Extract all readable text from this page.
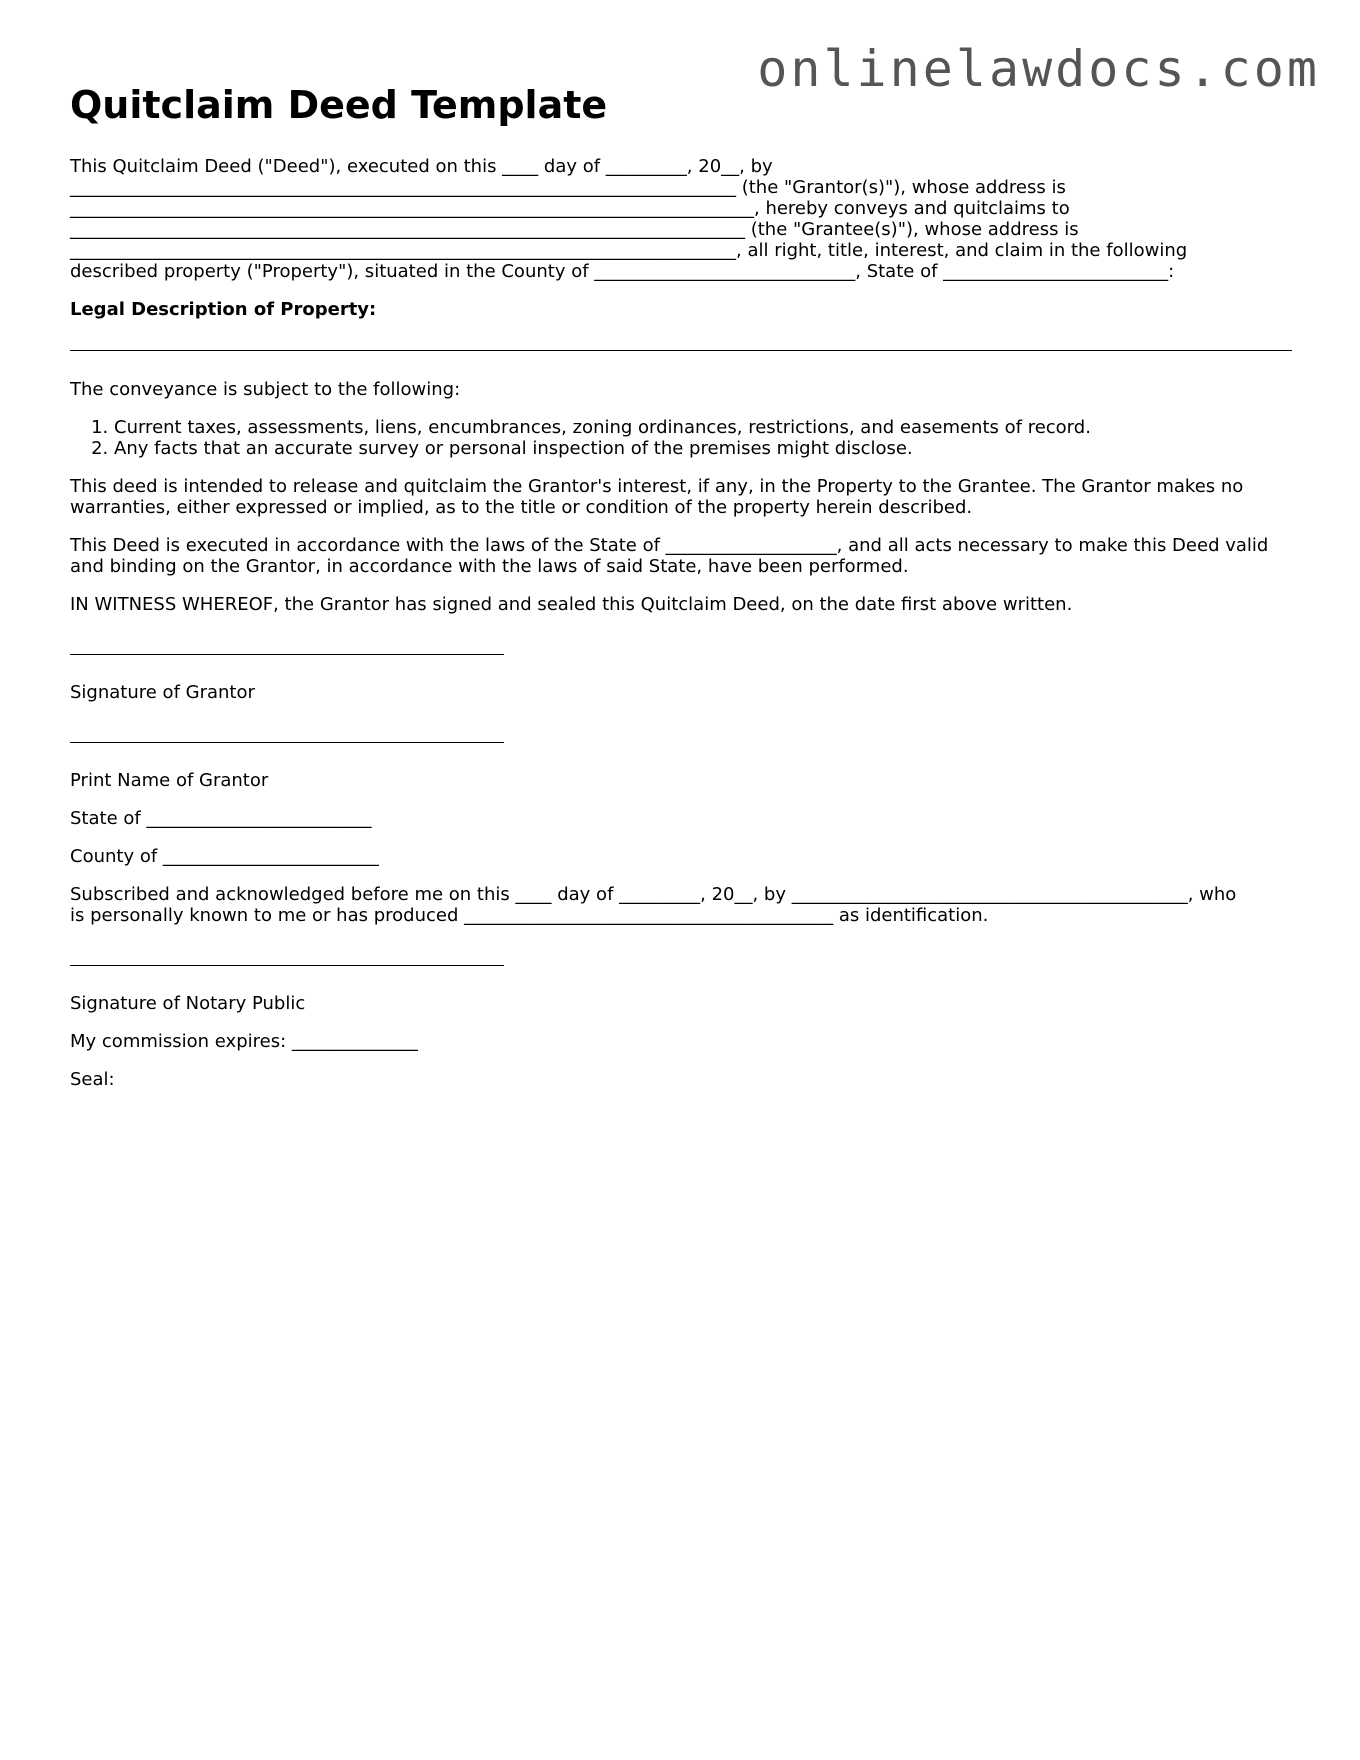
onlinelawdocs.com
Quitclaim Deed Template

This Quitclaim Deed ("Deed"), executed on this ____ day of _________, 20__, by
__________________________________________________________________________ (the "Grantor(s)"), whose address is
____________________________________________________________________________, hereby conveys and quitclaims to
___________________________________________________________________________ (the "Grantee(s)"), whose address is
__________________________________________________________________________, all right, title, interest, and claim in the following
described property ("Property"), situated in the County of _____________________________, State of _________________________:

Legal Description of Property:

The conveyance is subject to the following:

1. Current taxes, assessments, liens, encumbrances, zoning ordinances, restrictions, and easements of record.
2. Any facts that an accurate survey or personal inspection of the premises might disclose.

This deed is intended to release and quitclaim the Grantor's interest, if any, in the Property to the Grantee. The Grantor makes no
warranties, either expressed or implied, as to the title or condition of the property herein described.

This Deed is executed in accordance with the laws of the State of ___________________, and all acts necessary to make this Deed valid
and binding on the Grantor, in accordance with the laws of said State, have been performed.

IN WITNESS WHEREOF, the Grantor has signed and sealed this Quitclaim Deed, on the date first above written.

Signature of Grantor

Print Name of Grantor

State of _________________________

County of ________________________

Subscribed and acknowledged before me on this ____ day of _________, 20__, by ____________________________________________, who
is personally known to me or has produced _________________________________________ as identification.

Signature of Notary Public

My commission expires: ______________

Seal:
